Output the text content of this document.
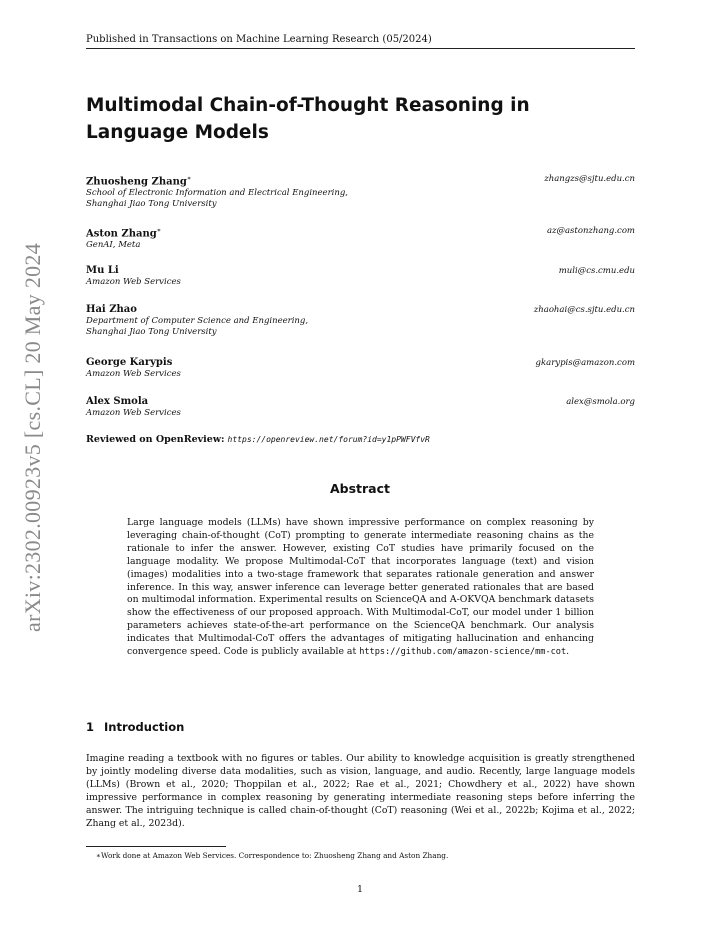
Published in Transactions on Machine Learning Research (05/2024)
arXiv:2302.00923v5 [cs.CL] 20 May 2024
Multimodal Chain-of-Thought Reasoning in Language Models
Zhuosheng Zhang∗
School of Electronic Information and Electrical Engineering,
Shanghai Jiao Tong University
zhangzs@sjtu.edu.cn
Aston Zhang∗
GenAI, Meta
az@astonzhang.com
Mu Li
Amazon Web Services
muli@cs.cmu.edu
Hai Zhao
Department of Computer Science and Engineering,
Shanghai Jiao Tong University
zhaohai@cs.sjtu.edu.cn
George Karypis
Amazon Web Services
gkarypis@amazon.com
Alex Smola
Amazon Web Services
alex@smola.org
Reviewed on OpenReview: https://openreview.net/forum?id=y1pPWFVfvR
Abstract

Large language models (LLMs) have shown impressive performance on complex reasoning by leveraging chain-of-thought (CoT) prompting to generate intermediate reasoning chains as the rationale to infer the answer. However, existing CoT studies have primarily focused on the language modality. We propose Multimodal-CoT that incorporates language (text) and vision (images) modalities into a two-stage framework that separates rationale generation and answer inference. In this way, answer inference can leverage better generated rationales that are based on multimodal information. Experimental results on ScienceQA and A-OKVQA benchmark datasets show the effectiveness of our proposed approach. With Multimodal-CoT, our model under 1 billion parameters achieves state-of-the-art performance on the ScienceQA benchmark. Our analysis indicates that Multimodal-CoT offers the advantages of mitigating hallucination and enhancing convergence speed. Code is publicly available at https://github.com/amazon-science/mm-cot.

1 Introduction

Imagine reading a textbook with no figures or tables. Our ability to knowledge acquisition is greatly strengthened by jointly modeling diverse data modalities, such as vision, language, and audio. Recently, large language models (LLMs) (Brown et al., 2020; Thoppilan et al., 2022; Rae et al., 2021; Chowdhery et al., 2022) have shown impressive performance in complex reasoning by generating intermediate reasoning steps before inferring the answer. The intriguing technique is called chain-of-thought (CoT) reasoning (Wei et al., 2022b; Kojima et al., 2022; Zhang et al., 2023d).

∗Work done at Amazon Web Services. Correspondence to: Zhuosheng Zhang and Aston Zhang.
1
